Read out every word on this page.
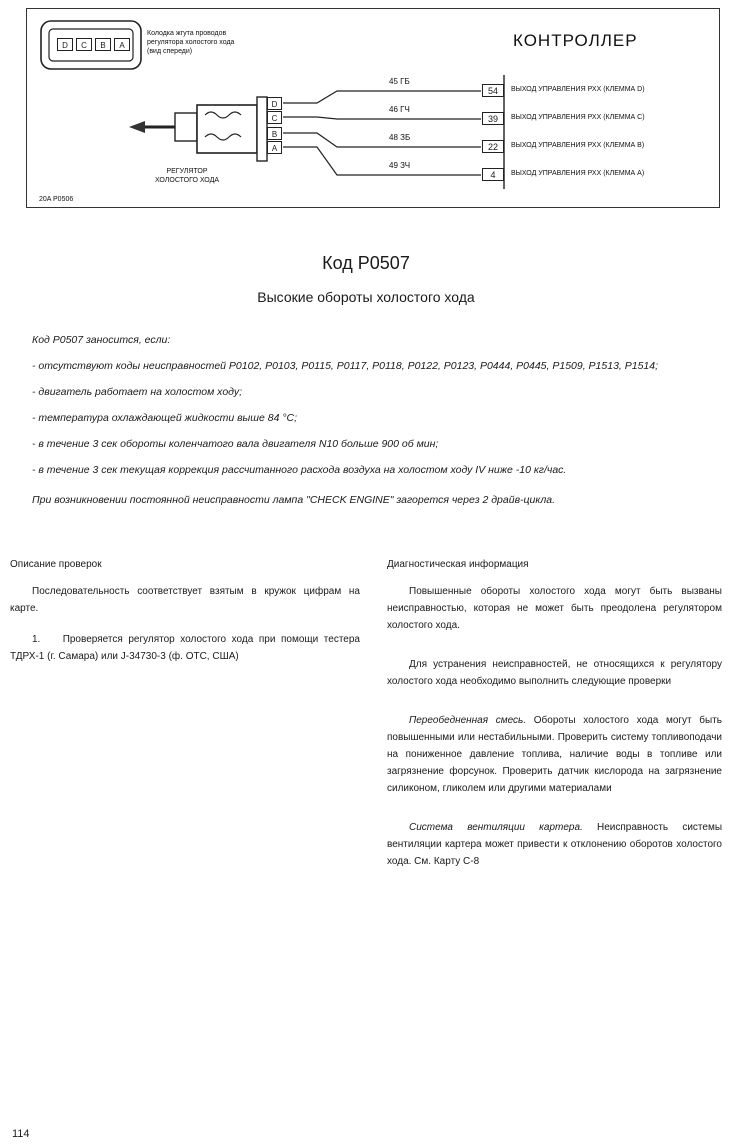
Колодка жгута проводов
регулятора холостого хода
(вид спереди)
D	C	B	A	КОНТРОЛЛЕР
D
C
B
A
45 ГБ
46 ГЧ
48 ЗБ
49 ЗЧ
54
39
22
4
ВЫХОД УПРАВЛЕНИЯ РХХ (КЛЕММА D)
ВЫХОД УПРАВЛЕНИЯ РХХ (КЛЕММА C)
ВЫХОД УПРАВЛЕНИЯ РХХ (КЛЕММА B)
ВЫХОД УПРАВЛЕНИЯ РХХ (КЛЕММА A)
РЕГУЛЯТОР
ХОЛОСТОГО ХОДА
20A P0506
Код P0507
Высокие обороты холостого хода
Код P0507 заносится, если:
- отсутствуют коды неисправностей P0102, P0103, P0115, P0117, P0118, P0122, P0123, P0444, P0445, P1509, P1513, P1514;
- двигатель работает на холостом ходу;
- температура охлаждающей жидкости выше 84 °С;
- в течение 3 сек обороты коленчатого вала двигателя N10 больше 900 об мин;
- в течение 3 сек текущая коррекция рассчитанного расхода воздуха на холостом ходу IV ниже -10 кг/час.
При возникновении постоянной неисправности лампа "CHECK ENGINE" загорется через 2 драйв-цикла.

Описание проверок

Последовательность соответствует взятым в кружок цифрам на карте.

1. Проверяется регулятор холостого хода при помощи тестера ТДРХ-1 (г. Самара) или J-34730-3 (ф. ОТС, США)

Диагностическая информация

Повышенные обороты холостого хода могут быть вызваны неисправностью, которая не может быть преодолена регулятором холостого хода.

Для устранения неисправностей, не относящихся к регулятору холостого хода необходимо выполнить следующие проверки

Переобедненная смесь. Обороты холостого хода могут быть повышенными или нестабильными. Проверить систему топливоподачи на пониженное давление топлива, наличие воды в топливе или загрязнение форсунок. Проверить датчик кислорода на загрязнение силиконом, гликолем или другими материалами

Система вентиляции картера. Неисправность системы вентиляции картера может привести к отклонению оборотов холостого хода. См. Карту С-8

114
